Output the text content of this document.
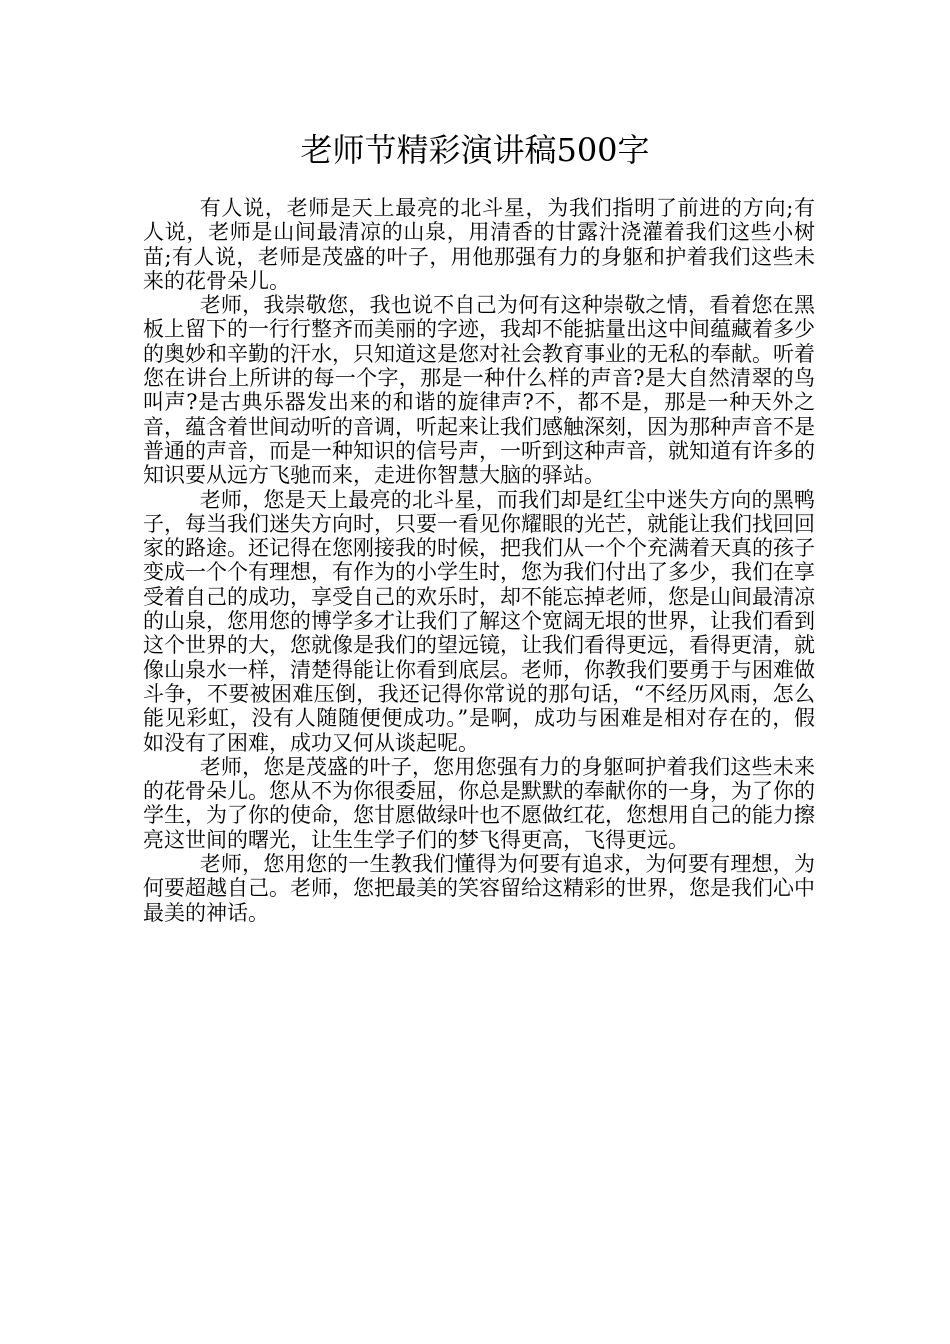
老师节精彩演讲稿500字

有人说，老师是天上最亮的北斗星，为我们指明了前进的方向;有人说，老师是山间最清凉的山泉，用清香的甘露汁浇灌着我们这些小树苗;有人说，老师是茂盛的叶子，用他那强有力的身躯和护着我们这些未来的花骨朵儿。

老师，我崇敬您，我也说不自己为何有这种崇敬之情，看着您在黑板上留下的一行行整齐而美丽的字迹，我却不能掂量出这中间蕴藏着多少的奥妙和辛勤的汗水，只知道这是您对社会教育事业的无私的奉献。听着您在讲台上所讲的每一个字，那是一种什么样的声音?是大自然清翠的鸟叫声?是古典乐器发出来的和谐的旋律声?不，都不是，那是一种天外之音，蕴含着世间动听的音调，听起来让我们感触深刻，因为那种声音不是普通的声音，而是一种知识的信号声，一听到这种声音，就知道有许多的知识要从远方飞驰而来，走进你智慧大脑的驿站。

老师，您是天上最亮的北斗星，而我们却是红尘中迷失方向的黑鸭子，每当我们迷失方向时，只要一看见你耀眼的光芒，就能让我们找回回家的路途。还记得在您刚接我的时候，把我们从一个个充满着天真的孩子变成一个个有理想，有作为的小学生时，您为我们付出了多少，我们在享受着自己的成功，享受自己的欢乐时，却不能忘掉老师，您是山间最清凉的山泉，您用您的博学多才让我们了解这个宽阔无垠的世界，让我们看到这个世界的大，您就像是我们的望远镜，让我们看得更远，看得更清，就像山泉水一样，清楚得能让你看到底层。老师，你教我们要勇于与困难做斗争，不要被困难压倒，我还记得你常说的那句话，“不经历风雨，怎么能见彩虹，没有人随随便便成功。”是啊，成功与困难是相对存在的，假如没有了困难，成功又何从谈起呢。

老师，您是茂盛的叶子，您用您强有力的身躯呵护着我们这些未来的花骨朵儿。您从不为你很委屈，你总是默默的奉献你的一身，为了你的学生，为了你的使命，您甘愿做绿叶也不愿做红花，您想用自己的能力擦亮这世间的曙光，让生生学子们的梦飞得更高，飞得更远。

老师，您用您的一生教我们懂得为何要有追求，为何要有理想，为何要超越自己。老师，您把最美的笑容留给这精彩的世界，您是我们心中最美的神话。
